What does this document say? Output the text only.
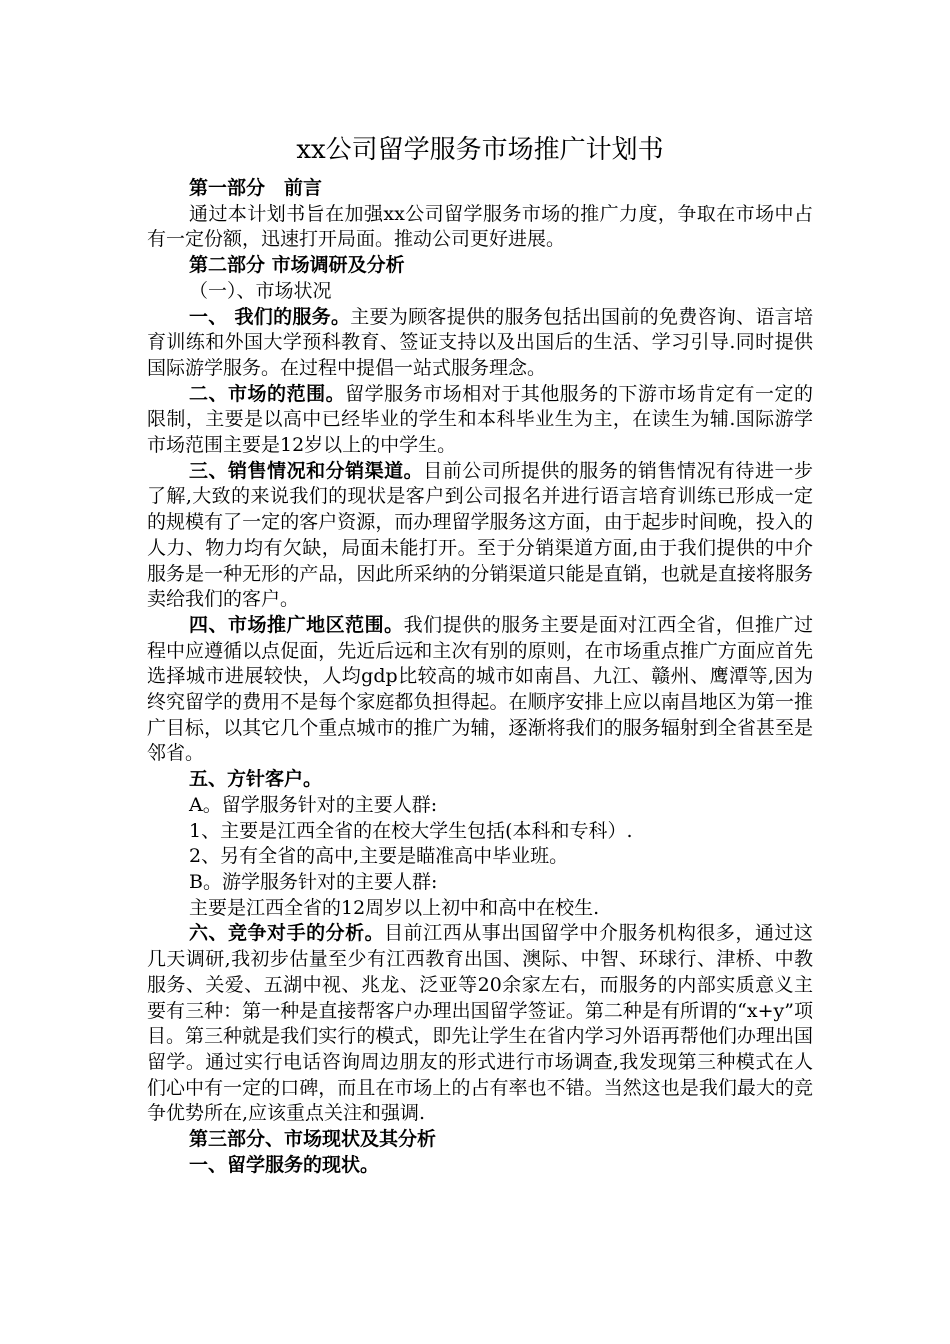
xx公司留学服务市场推广计划书

第一部分　前言

通过本计划书旨在加强xx公司留学服务市场的推广力度，争取在市场中占有一定份额，迅速打开局面。推动公司更好进展。

第二部分 市场调研及分析

（一）、市场状况

一、 我们的服务。主要为顾客提供的服务包括出国前的免费咨询、语言培育训练和外国大学预科教育、签证支持以及出国后的生活、学习引导.同时提供国际游学服务。在过程中提倡一站式服务理念。

二、市场的范围。留学服务市场相对于其他服务的下游市场肯定有一定的限制，主要是以高中已经毕业的学生和本科毕业生为主，在读生为辅.国际游学市场范围主要是12岁以上的中学生。

三、销售情况和分销渠道。目前公司所提供的服务的销售情况有待进一步了解,大致的来说我们的现状是客户到公司报名并进行语言培育训练已形成一定的规模有了一定的客户资源，而办理留学服务这方面，由于起步时间晚，投入的人力、物力均有欠缺，局面未能打开。至于分销渠道方面,由于我们提供的中介服务是一种无形的产品，因此所采纳的分销渠道只能是直销，也就是直接将服务卖给我们的客户。

四、市场推广地区范围。我们提供的服务主要是面对江西全省，但推广过程中应遵循以点促面，先近后远和主次有别的原则，在市场重点推广方面应首先选择城市进展较快，人均gdp比较高的城市如南昌、九江、赣州、鹰潭等,因为终究留学的费用不是每个家庭都负担得起。在顺序安排上应以南昌地区为第一推广目标，以其它几个重点城市的推广为辅，逐渐将我们的服务辐射到全省甚至是邻省。

五、方针客户。

A。留学服务针对的主要人群:

1、主要是江西全省的在校大学生包括(本科和专科）.

2、另有全省的高中,主要是瞄准高中毕业班。

B。游学服务针对的主要人群:

主要是江西全省的12周岁以上初中和高中在校生.

六、竞争对手的分析。目前江西从事出国留学中介服务机构很多，通过这几天调研,我初步估量至少有江西教育出国、澳际、中智、环球行、津桥、中教服务、关爱、五湖中视、兆龙、泛亚等20余家左右，而服务的内部实质意义主要有三种：第一种是直接帮客户办理出国留学签证。第二种是有所谓的“x+y”项目。第三种就是我们实行的模式，即先让学生在省内学习外语再帮他们办理出国留学。通过实行电话咨询周边朋友的形式进行市场调查,我发现第三种模式在人们心中有一定的口碑，而且在市场上的占有率也不错。当然这也是我们最大的竞争优势所在,应该重点关注和强调.

第三部分、市场现状及其分析

一、留学服务的现状。
